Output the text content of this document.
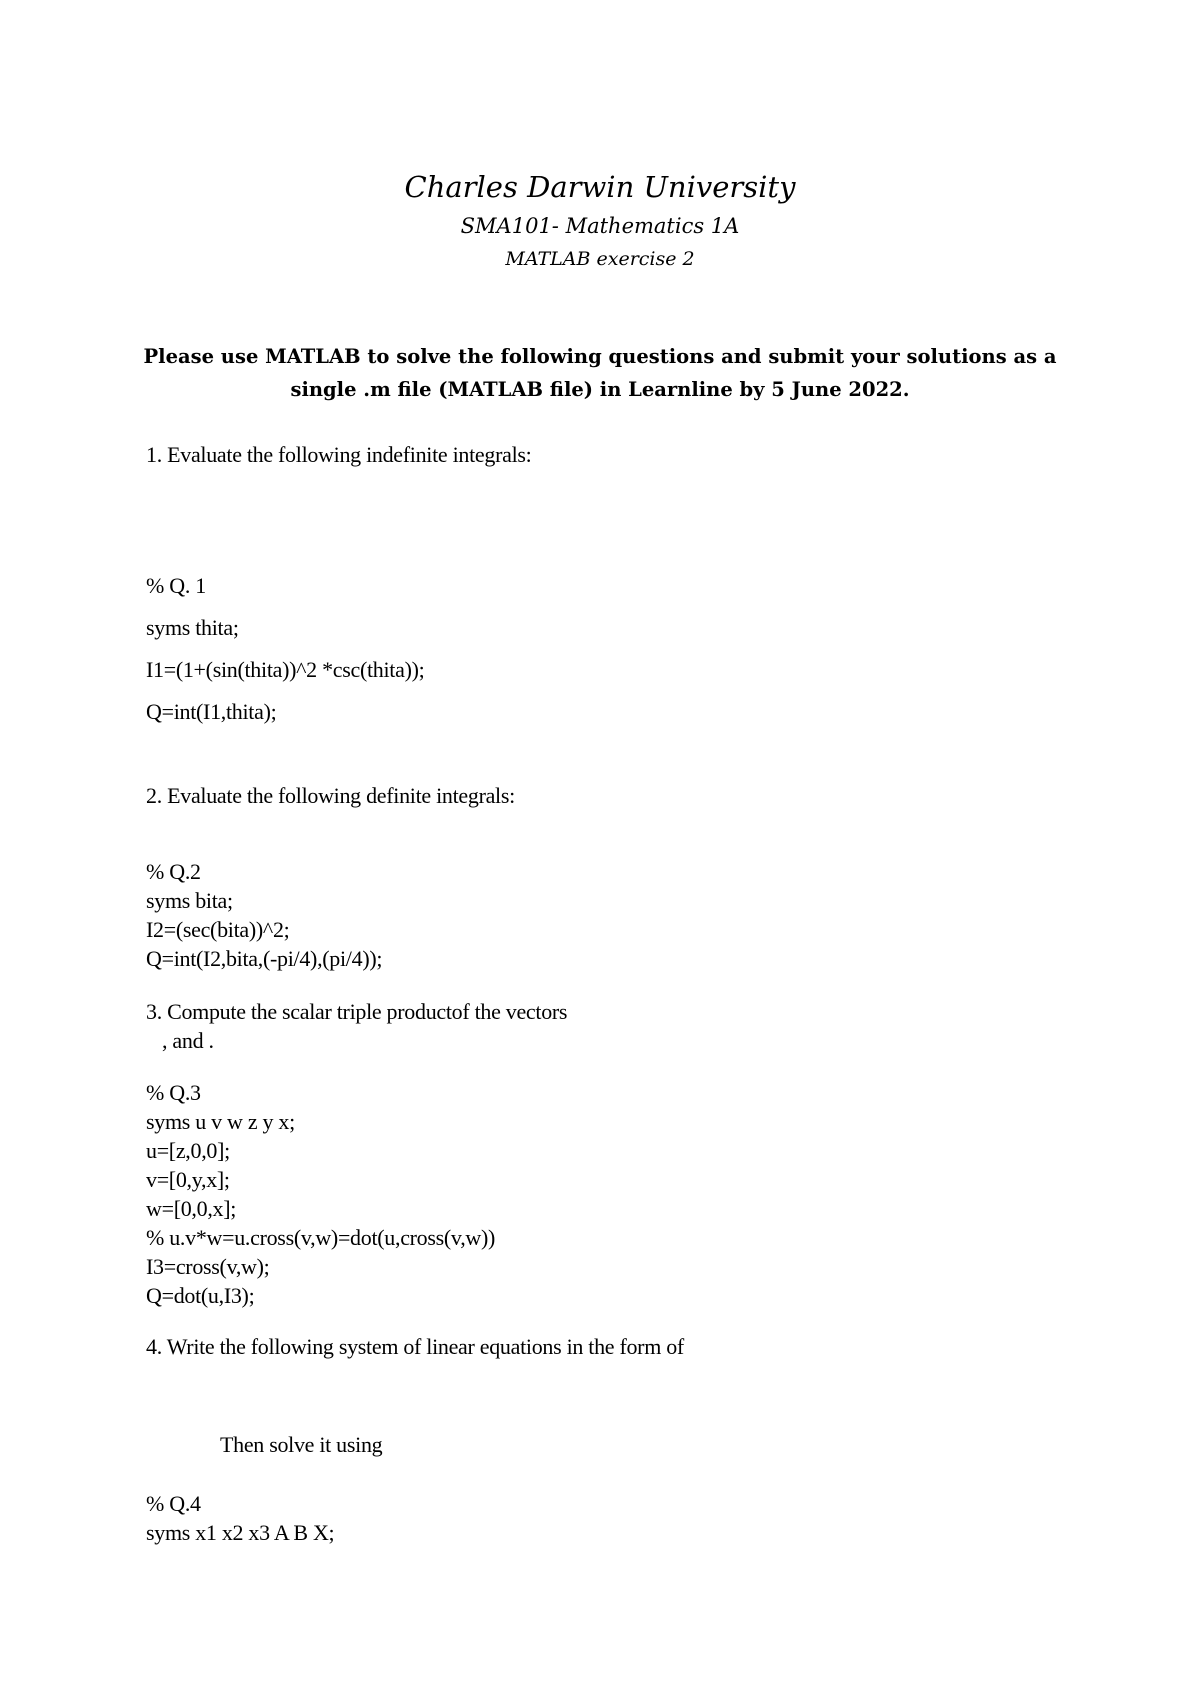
Charles Darwin University
SMA101- Mathematics 1A
MATLAB exercise 2
Please use MATLAB to solve the following questions and submit your solutions as a
single .m file (MATLAB file) in Learnline by 5 June 2022.
1. Evaluate the following indefinite integrals:
% Q. 1
syms thita;
I1=(1+(sin(thita))^2 *csc(thita));
Q=int(I1,thita);
2. Evaluate the following definite integrals:
% Q.2
syms bita;
I2=(sec(bita))^2;
Q=int(I2,bita,(-pi/4),(pi/4));
3. Compute the scalar triple productof the vectors
, and .
% Q.3
syms u v w z y x;
u=[z,0,0];
v=[0,y,x];
w=[0,0,x];
% u.v*w=u.cross(v,w)=dot(u,cross(v,w))
I3=cross(v,w);
Q=dot(u,I3);
4. Write the following system of linear equations in the form of
Then solve it using
% Q.4
syms x1 x2 x3 A B X;
